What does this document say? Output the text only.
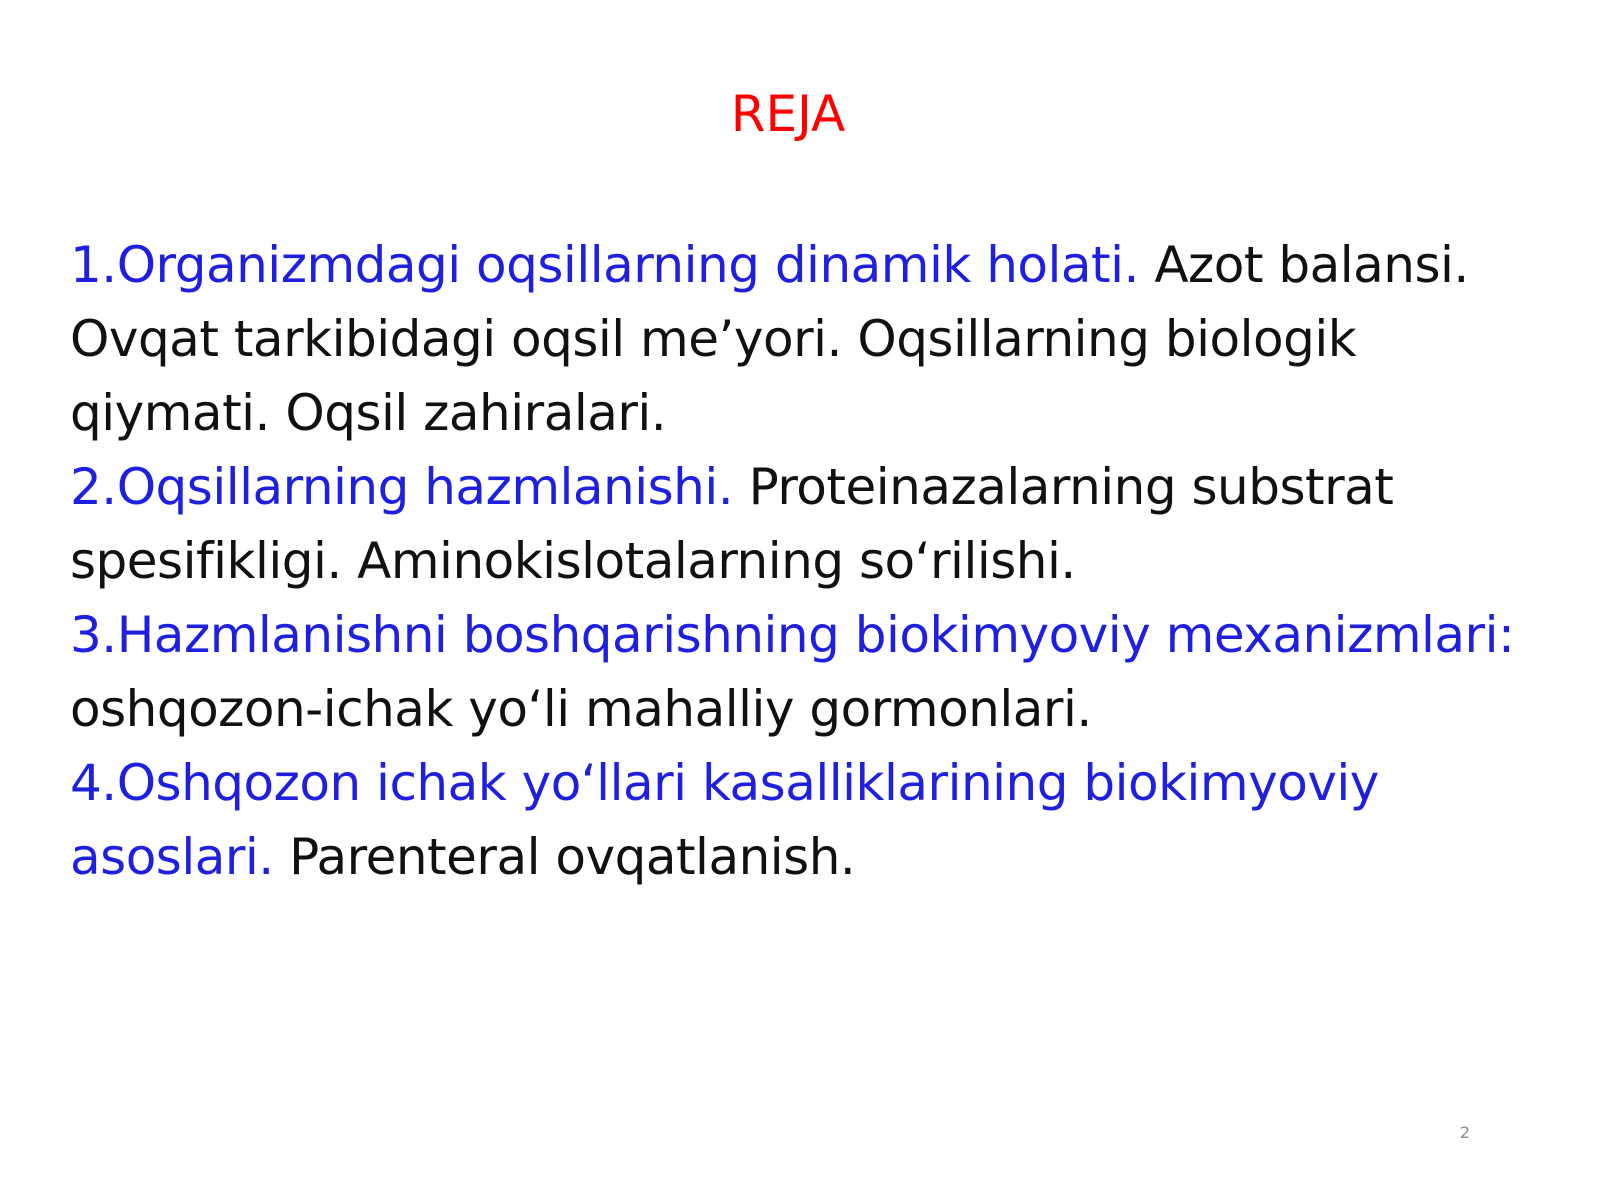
REJA

1.Organizmdagi oqsillarning dinamik holati. Azot balansi. Ovqat tarkibidagi oqsil me’yori. Oqsillarning biologik qiymati. Oqsil zahiralari.

2.Oqsillarning hazmlanishi. Proteinazalarning substrat spesifikligi. Aminokislotalarning so‘rilishi.

3.Hazmlanishni boshqarishning biokimyoviy mexanizmlari: oshqozon-ichak yo‘li mahalliy gormonlari.

4.Oshqozon ichak yo‘llari kasalliklarining biokimyoviy asoslari. Parenteral ovqatlanish.

2
